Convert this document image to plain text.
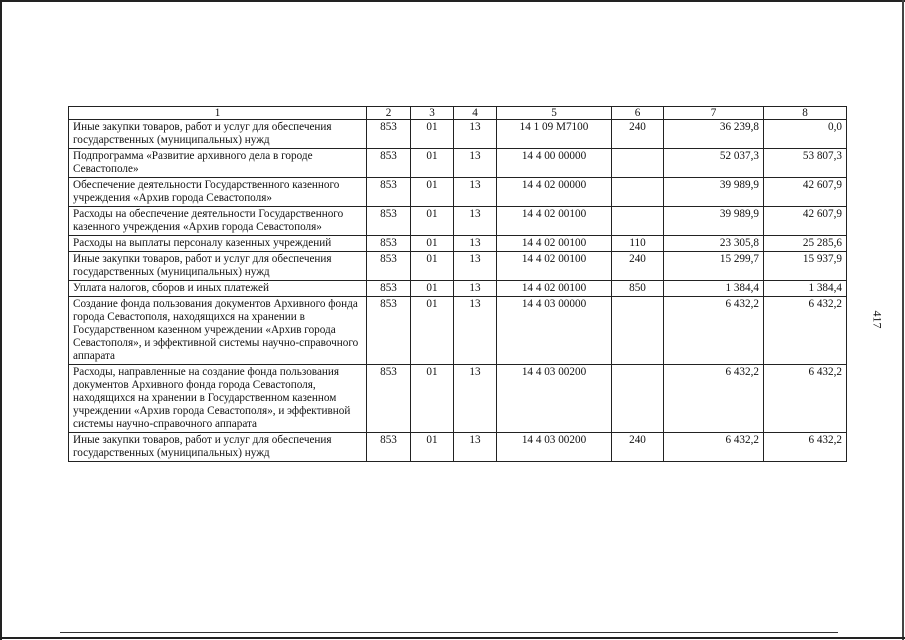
417
1	2	3	4	5	6	7	8
Иные закупки товаров, работ и услуг для обеспечения государственных (муниципальных) нужд	853	01	13	14 1 09 М7100	240	36 239,8	0,0
Подпрограмма «Развитие архивного дела в городе Севастополе»	853	01	13	14 4 00 00000		52 037,3	53 807,3
Обеспечение деятельности Государственного казенного учреждения «Архив города Севастополя»	853	01	13	14 4 02 00000		39 989,9	42 607,9
Расходы на обеспечение деятельности Государственного казенного учреждения «Архив города Севастополя»	853	01	13	14 4 02 00100		39 989,9	42 607,9
Расходы на выплаты персоналу казенных учреждений	853	01	13	14 4 02 00100	110	23 305,8	25 285,6
Иные закупки товаров, работ и услуг для обеспечения государственных (муниципальных) нужд	853	01	13	14 4 02 00100	240	15 299,7	15 937,9
Уплата налогов, сборов и иных платежей	853	01	13	14 4 02 00100	850	1 384,4	1 384,4
Создание фонда пользования документов Архивного фонда города Севастополя, находящихся на хранении в Государственном казенном учреждении «Архив города Севастополя», и эффективной системы научно-справочного аппарата	853	01	13	14 4 03 00000		6 432,2	6 432,2
Расходы, направленные на создание фонда пользования документов Архивного фонда города Севастополя, находящихся на хранении в Государственном казенном учреждении «Архив города Севастополя», и эффективной системы научно-справочного аппарата	853	01	13	14 4 03 00200		6 432,2	6 432,2
Иные закупки товаров, работ и услуг для обеспечения государственных (муниципальных) нужд	853	01	13	14 4 03 00200	240	6 432,2	6 432,2
